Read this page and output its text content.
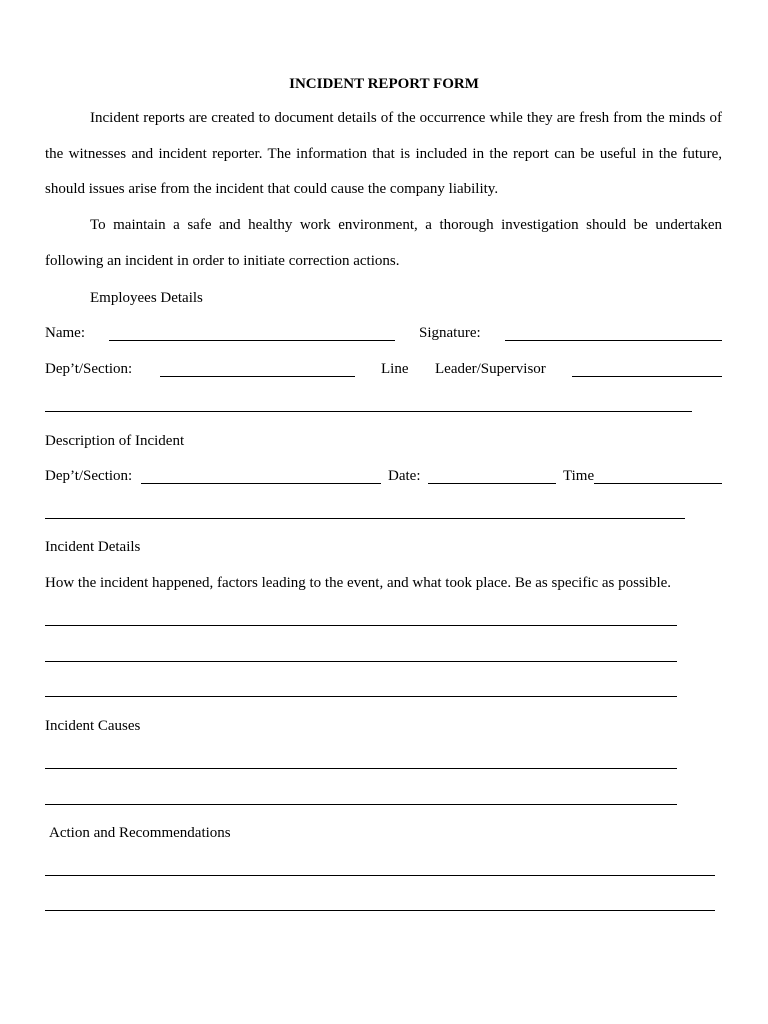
INCIDENT REPORT FORM

Incident reports are created to document details of the occurrence while they are fresh from the minds of the witnesses and incident reporter. The information that is included in the report can be useful in the future, should issues arise from the incident that could cause the company liability.

To maintain a safe and healthy work environment, a thorough investigation should be undertaken following an incident in order to initiate correction actions.

Employees Details
Name:	Signature:
Dep’t/Section:	Line Leader/Supervisor
Description of Incident
Dep’t/Section:	Date:	Time
Incident Details
How the incident happened, factors leading to the event, and what took place. Be as specific as possible.
Incident Causes
Action and Recommendations
